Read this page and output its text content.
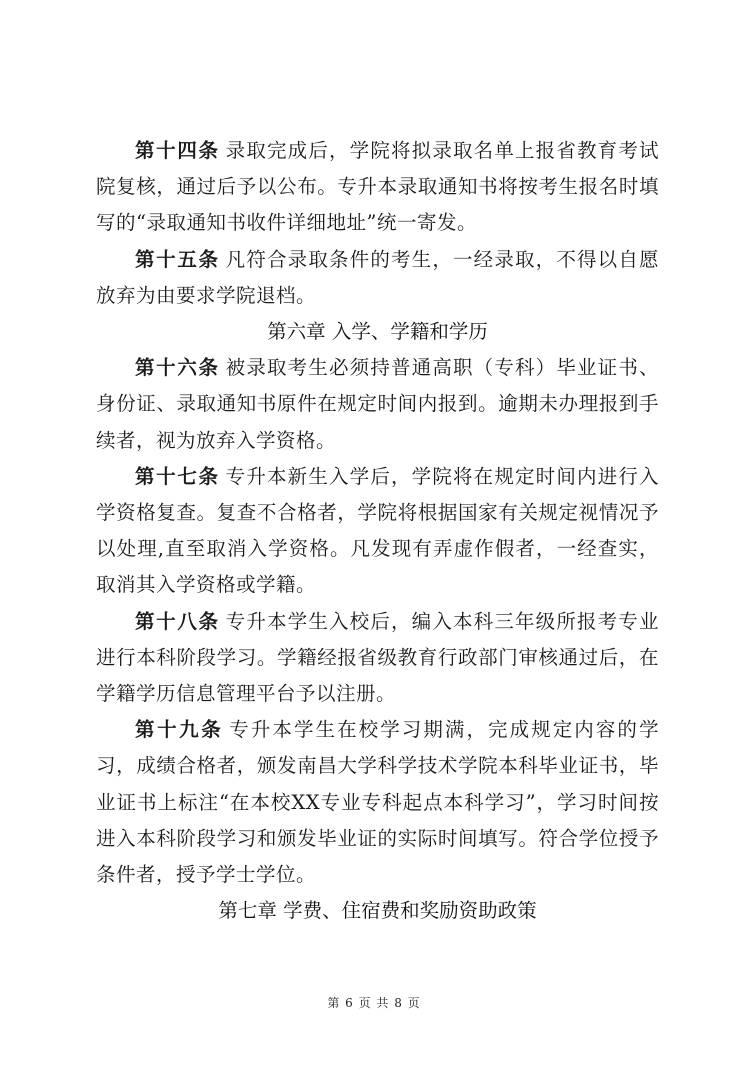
第十四条 录取完成后，学院将拟录取名单上报省教育考试院复核，通过后予以公布。专升本录取通知书将按考生报名时填写的“录取通知书收件详细地址”统一寄发。

第十五条 凡符合录取条件的考生，一经录取，不得以自愿放弃为由要求学院退档。

第六章 入学、学籍和学历

第十六条 被录取考生必须持普通高职（专科）毕业证书、身份证、录取通知书原件在规定时间内报到。逾期未办理报到手续者，视为放弃入学资格。

第十七条 专升本新生入学后，学院将在规定时间内进行入学资格复查。复查不合格者，学院将根据国家有关规定视情况予以处理,直至取消入学资格。凡发现有弄虚作假者，一经查实，取消其入学资格或学籍。

第十八条 专升本学生入校后，编入本科三年级所报考专业进行本科阶段学习。学籍经报省级教育行政部门审核通过后，在学籍学历信息管理平台予以注册。

第十九条 专升本学生在校学习期满，完成规定内容的学习，成绩合格者，颁发南昌大学科学技术学院本科毕业证书，毕业证书上标注“在本校XX专业专科起点本科学习”，学习时间按进入本科阶段学习和颁发毕业证的实际时间填写。符合学位授予条件者，授予学士学位。

第七章 学费、住宿费和奖励资助政策

第 6 页 共 8 页
